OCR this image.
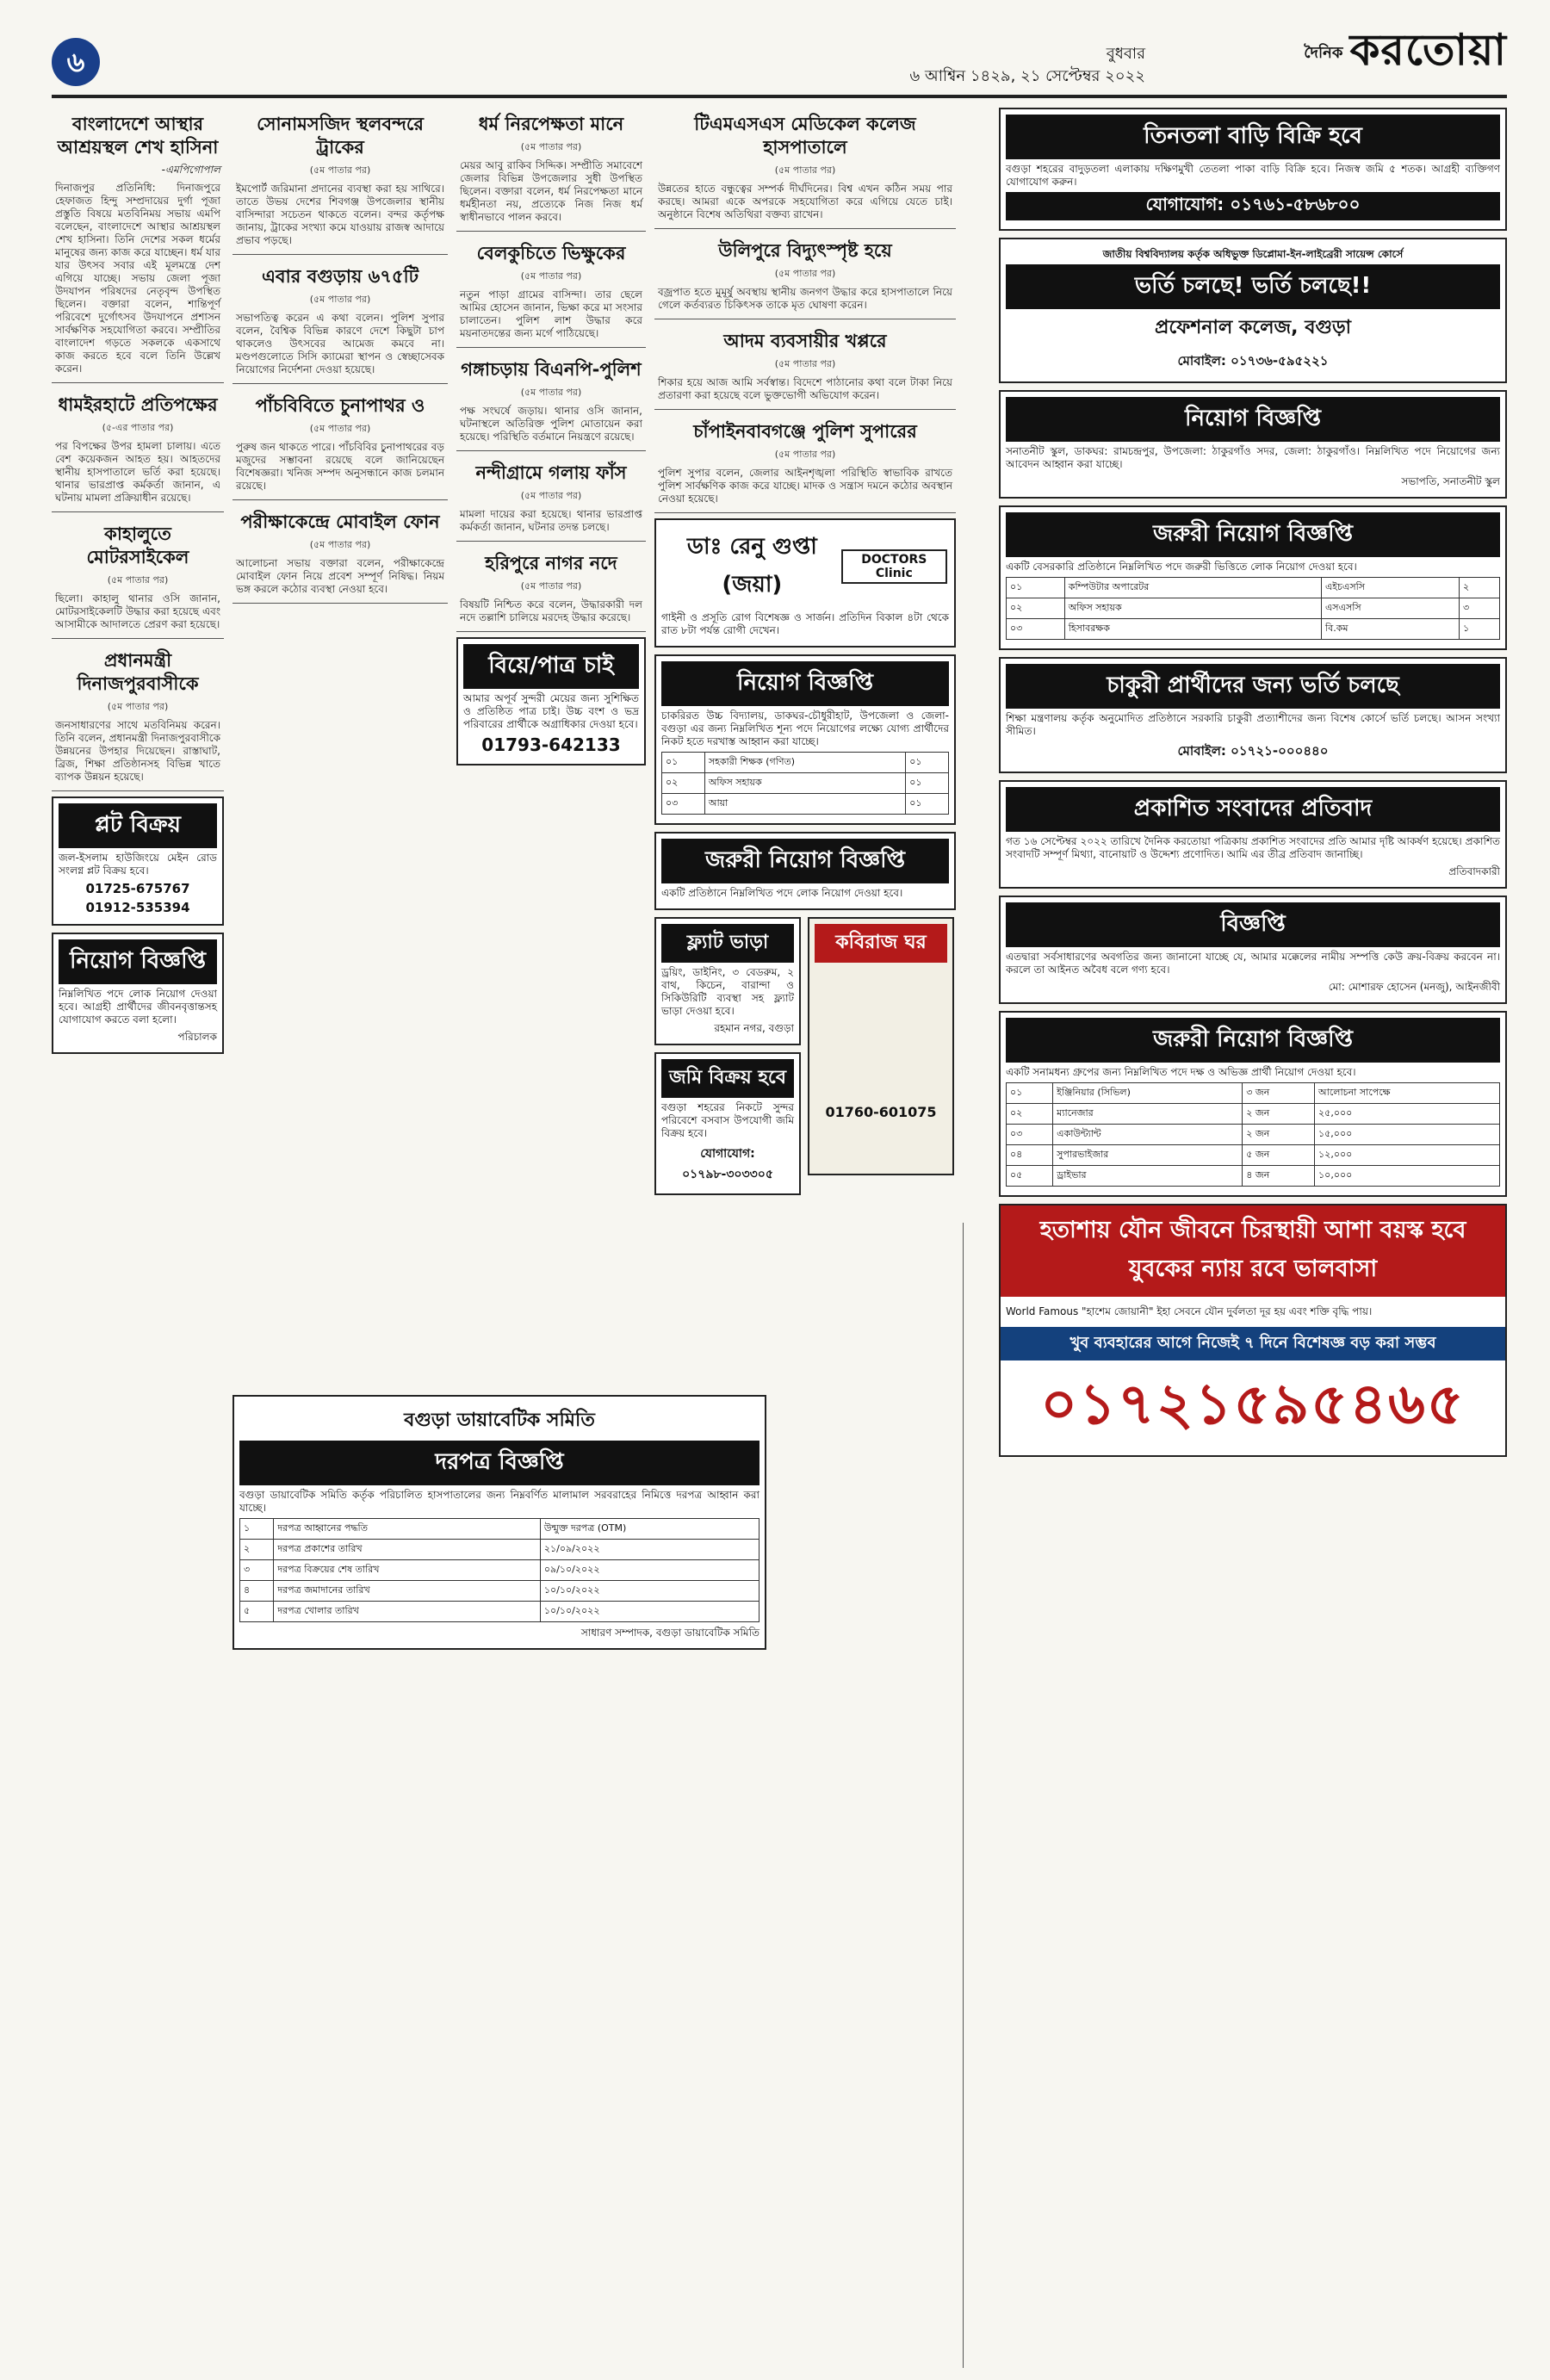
৬	বুধবার
৬ আশ্বিন ১৪২৯, ২১ সেপ্টেম্বর ২০২২
দৈনিক করতোয়া
বাংলাদেশে আস্থার আশ্রয়স্থল শেখ হাসিনা
-এমপিগোপাল

দিনাজপুর প্রতিনিধি: দিনাজপুরে হেফাজত হিন্দু সম্প্রদায়ের দুর্গা পূজা প্রস্তুতি বিষয়ে মতবিনিময় সভায় এমপি বলেছেন, বাংলাদেশে আস্থার আশ্রয়স্থল শেখ হাসিনা। তিনি দেশের সকল ধর্মের মানুষের জন্য কাজ করে যাচ্ছেন। ধর্ম যার যার উৎসব সবার এই মূলমন্ত্রে দেশ এগিয়ে যাচ্ছে। সভায় জেলা পূজা উদযাপন পরিষদের নেতৃবৃন্দ উপস্থিত ছিলেন। বক্তারা বলেন, শান্তিপূর্ণ পরিবেশে দুর্গোৎসব উদযাপনে প্রশাসন সার্বক্ষণিক সহযোগিতা করবে। সম্প্রীতির বাংলাদেশ গড়তে সকলকে একসাথে কাজ করতে হবে বলে তিনি উল্লেখ করেন।

ধামইরহাটে প্রতিপক্ষের
(৫-এর পাতার পর)

পর বিপক্ষের উপর হামলা চালায়। এতে বেশ কয়েকজন আহত হয়। আহতদের স্থানীয় হাসপাতালে ভর্তি করা হয়েছে। থানার ভারপ্রাপ্ত কর্মকর্তা জানান, এ ঘটনায় মামলা প্রক্রিয়াধীন রয়েছে।

কাহালুতে মোটরসাইকেল
(৫ম পাতার পর)

ছিলো। কাহালু থানার ওসি জানান, মোটরসাইকেলটি উদ্ধার করা হয়েছে এবং আসামীকে আদালতে প্রেরণ করা হয়েছে।

প্রধানমন্ত্রী দিনাজপুরবাসীকে
(৫ম পাতার পর)

জনসাধারণের সাথে মতবিনিময় করেন। তিনি বলেন, প্রধানমন্ত্রী দিনাজপুরবাসীকে উন্নয়নের উপহার দিয়েছেন। রাস্তাঘাট, ব্রিজ, শিক্ষা প্রতিষ্ঠানসহ বিভিন্ন খাতে ব্যাপক উন্নয়ন হয়েছে।

প্লট বিক্রয়

জল-ইসলাম হাউজিংয়ে মেইন রোড সংলগ্ন প্লট বিক্রয় হবে।

01725-675767
01912-535394
নিয়োগ বিজ্ঞপ্তি

নিম্নলিখিত পদে লোক নিয়োগ দেওয়া হবে। আগ্রহী প্রার্থীদের জীবনবৃত্তান্তসহ যোগাযোগ করতে বলা হলো।

পরিচালক
সোনামসজিদ স্থলবন্দরে ট্রাকের
(৫ম পাতার পর)

ইমপোর্ট জরিমানা প্রদানের ব্যবস্থা করা হয় সাথিরে। তাতে উভয় দেশের শিবগঞ্জ উপজেলার স্থানীয় বাসিন্দারা সচেতন থাকতে বলেন। বন্দর কর্তৃপক্ষ জানায়, ট্রাকের সংখ্যা কমে যাওয়ায় রাজস্ব আদায়ে প্রভাব পড়ছে।

এবার বগুড়ায় ৬৭৫টি
(৫ম পাতার পর)

সভাপতিত্ব করেন এ কথা বলেন। পুলিশ সুপার বলেন, বৈশ্বিক বিভিন্ন কারণে দেশে কিছুটা চাপ থাকলেও উৎসবের আমেজ কমবে না। মণ্ডপগুলোতে সিসি ক্যামেরা স্থাপন ও স্বেচ্ছাসেবক নিয়োগের নির্দেশনা দেওয়া হয়েছে।

পাঁচবিবিতে চুনাপাথর ও
(৫ম পাতার পর)

পুরুষ জন থাকতে পারে। পাঁচবিবির চুনাপাথরের বড় মজুদের সম্ভাবনা রয়েছে বলে জানিয়েছেন বিশেষজ্ঞরা। খনিজ সম্পদ অনুসন্ধানে কাজ চলমান রয়েছে।

পরীক্ষাকেন্দ্রে মোবাইল ফোন
(৫ম পাতার পর)

আলোচনা সভায় বক্তারা বলেন, পরীক্ষাকেন্দ্রে মোবাইল ফোন নিয়ে প্রবেশ সম্পূর্ণ নিষিদ্ধ। নিয়ম ভঙ্গ করলে কঠোর ব্যবস্থা নেওয়া হবে।

বগুড়া ডায়াবেটিক সমিতি
দরপত্র বিজ্ঞপ্তি

বগুড়া ডায়াবেটিক সমিতি কর্তৃক পরিচালিত হাসপাতালের জন্য নিম্নবর্ণিত মালামাল সরবরাহের নিমিত্তে দরপত্র আহ্বান করা যাচ্ছে।

১	দরপত্র আহ্বানের পদ্ধতি	উন্মুক্ত দরপত্র (OTM)
২	দরপত্র প্রকাশের তারিখ	২১/০৯/২০২২
৩	দরপত্র বিক্রয়ের শেষ তারিখ	০৯/১০/২০২২
৪	দরপত্র জমাদানের তারিখ	১০/১০/২০২২
৫	দরপত্র খোলার তারিখ	১০/১০/২০২২
সাধারণ সম্পাদক, বগুড়া ডায়াবেটিক সমিতি
ধর্ম নিরপেক্ষতা মানে
(৫ম পাতার পর)

মেয়র আবু রাকিব সিদ্দিক। সম্প্রীতি সমাবেশে জেলার বিভিন্ন উপজেলার সুধী উপস্থিত ছিলেন। বক্তারা বলেন, ধর্ম নিরপেক্ষতা মানে ধর্মহীনতা নয়, প্রত্যেকে নিজ নিজ ধর্ম স্বাধীনভাবে পালন করবে।

বেলকুচিতে ভিক্ষুকের
(৫ম পাতার পর)

নতুন পাড়া গ্রামের বাসিন্দা। তার ছেলে আমির হোসেন জানান, ভিক্ষা করে মা সংসার চালাতেন। পুলিশ লাশ উদ্ধার করে ময়নাতদন্তের জন্য মর্গে পাঠিয়েছে।

গঙ্গাচড়ায় বিএনপি-পুলিশ
(৫ম পাতার পর)

পক্ষ সংঘর্ষে জড়ায়। থানার ওসি জানান, ঘটনাস্থলে অতিরিক্ত পুলিশ মোতায়েন করা হয়েছে। পরিস্থিতি বর্তমানে নিয়ন্ত্রণে রয়েছে।

নন্দীগ্রামে গলায় ফাঁস
(৫ম পাতার পর)

মামলা দায়ের করা হয়েছে। থানার ভারপ্রাপ্ত কর্মকর্তা জানান, ঘটনার তদন্ত চলছে।

হরিপুরে নাগর নদে
(৫ম পাতার পর)

বিষয়টি নিশ্চিত করে বলেন, উদ্ধারকারী দল নদে তল্লাশি চালিয়ে মরদেহ উদ্ধার করেছে।

বিয়ে/পাত্র চাই

আমার অপূর্ব সুন্দরী মেয়ের জন্য সুশিক্ষিত ও প্রতিষ্ঠিত পাত্র চাই। উচ্চ বংশ ও ভদ্র পরিবারের প্রার্থীকে অগ্রাধিকার দেওয়া হবে।

01793-642133
টিএমএসএস মেডিকেল কলেজ হাসপাতালে
(৫ম পাতার পর)

উন্নতের হাতে বন্ধুত্বের সম্পর্ক দীর্ঘদিনের। বিশ্ব এখন কঠিন সময় পার করছে। আমরা একে অপরকে সহযোগিতা করে এগিয়ে যেতে চাই। অনুষ্ঠানে বিশেষ অতিথিরা বক্তব্য রাখেন।

উলিপুরে বিদ্যুৎস্পৃষ্ট হয়ে
(৫ম পাতার পর)

বজ্রপাত হতে মুমূর্ষু অবস্থায় স্থানীয় জনগণ উদ্ধার করে হাসপাতালে নিয়ে গেলে কর্তব্যরত চিকিৎসক তাকে মৃত ঘোষণা করেন।

আদম ব্যবসায়ীর খপ্পরে
(৫ম পাতার পর)

শিকার হয়ে আজ আমি সর্বস্বান্ত। বিদেশে পাঠানোর কথা বলে টাকা নিয়ে প্রতারণা করা হয়েছে বলে ভুক্তভোগী অভিযোগ করেন।

চাঁপাইনবাবগঞ্জে পুলিশ সুপারের
(৫ম পাতার পর)

পুলিশ সুপার বলেন, জেলার আইনশৃঙ্খলা পরিস্থিতি স্বাভাবিক রাখতে পুলিশ সার্বক্ষণিক কাজ করে যাচ্ছে। মাদক ও সন্ত্রাস দমনে কঠোর অবস্থান নেওয়া হয়েছে।

ডাঃ রেনু গুপ্তা (জয়া)
DOCTORS Clinic

গাইনী ও প্রসূতি রোগ বিশেষজ্ঞ ও সার্জন। প্রতিদিন বিকাল ৪টা থেকে রাত ৮টা পর্যন্ত রোগী দেখেন।

নিয়োগ বিজ্ঞপ্তি

চাকরিরত উচ্চ বিদ্যালয়, ডাকঘর-চৌধুরীহাট, উপজেলা ও জেলা-বগুড়া এর জন্য নিম্নলিখিত শূন্য পদে নিয়োগের লক্ষ্যে যোগ্য প্রার্থীদের নিকট হতে দরখাস্ত আহ্বান করা যাচ্ছে।

০১	সহকারী শিক্ষক (গণিত)	০১
০২	অফিস সহায়ক	০১
০৩	আয়া	০১
জরুরী নিয়োগ বিজ্ঞপ্তি

একটি প্রতিষ্ঠানে নিম্নলিখিত পদে লোক নিয়োগ দেওয়া হবে।

ফ্ল্যাট ভাড়া

ড্রয়িং, ডাইনিং, ৩ বেডরুম, ২ বাথ, কিচেন, বারান্দা ও সিকিউরিটি ব্যবস্থা সহ ফ্ল্যাট ভাড়া দেওয়া হবে।

রহমান নগর, বগুড়া
জমি বিক্রয় হবে

বগুড়া শহরের নিকটে সুন্দর পরিবেশে বসবাস উপযোগী জমি বিক্রয় হবে।

যোগাযোগ: ০১৭৯৮-৩০৩৩০৫
কবিরাজ ঘর
01760-601075
তিনতলা বাড়ি বিক্রি হবে

বগুড়া শহরের বাদুড়তলা এলাকায় দক্ষিণমুখী তেতলা পাকা বাড়ি বিক্রি হবে। নিজস্ব জমি ৫ শতক। আগ্রহী ব্যক্তিগণ যোগাযোগ করুন।

যোগাযোগ: ০১৭৬১-৫৮৬৮০০

জাতীয় বিশ্ববিদ্যালয় কর্তৃক অধিভুক্ত ডিপ্লোমা-ইন-লাইব্রেরী সায়েন্স কোর্সে

ভর্তি চলছে! ভর্তি চলছে!!
প্রফেশনাল কলেজ, বগুড়া
মোবাইল: ০১৭৩৬-৫৯৫২২১
নিয়োগ বিজ্ঞপ্তি

সনাতনীট স্কুল, ডাকঘর: রামচন্দ্রপুর, উপজেলা: ঠাকুরগাঁও সদর, জেলা: ঠাকুরগাঁও। নিম্নলিখিত পদে নিয়োগের জন্য আবেদন আহ্বান করা যাচ্ছে।

সভাপতি, সনাতনীট স্কুল
জরুরী নিয়োগ বিজ্ঞপ্তি

একটি বেসরকারি প্রতিষ্ঠানে নিম্নলিখিত পদে জরুরী ভিত্তিতে লোক নিয়োগ দেওয়া হবে।

০১	কম্পিউটার অপারেটর	এইচএসসি	২
০২	অফিস সহায়ক	এসএসসি	৩
০৩	হিসাবরক্ষক	বি.কম	১
চাকুরী প্রার্থীদের জন্য ভর্তি চলছে

শিক্ষা মন্ত্রণালয় কর্তৃক অনুমোদিত প্রতিষ্ঠানে সরকারি চাকুরী প্রত্যাশীদের জন্য বিশেষ কোর্সে ভর্তি চলছে। আসন সংখ্যা সীমিত।

মোবাইল: ০১৭২১-০০০৪৪০
প্রকাশিত সংবাদের প্রতিবাদ

গত ১৬ সেপ্টেম্বর ২০২২ তারিখে দৈনিক করতোয়া পত্রিকায় প্রকাশিত সংবাদের প্রতি আমার দৃষ্টি আকর্ষণ হয়েছে। প্রকাশিত সংবাদটি সম্পূর্ণ মিথ্যা, বানোয়াট ও উদ্দেশ্য প্রণোদিত। আমি এর তীব্র প্রতিবাদ জানাচ্ছি।

প্রতিবাদকারী
বিজ্ঞপ্তি

এতদ্বারা সর্বসাধারণের অবগতির জন্য জানানো যাচ্ছে যে, আমার মক্কেলের নামীয় সম্পত্তি কেউ ক্রয়-বিক্রয় করবেন না। করলে তা আইনত অবৈধ বলে গণ্য হবে।

মো: মোশারফ হোসেন (মনজু), আইনজীবী
জরুরী নিয়োগ বিজ্ঞপ্তি

একটি সনামধন্য গ্রুপের জন্য নিম্নলিখিত পদে দক্ষ ও অভিজ্ঞ প্রার্থী নিয়োগ দেওয়া হবে।

০১	ইঞ্জিনিয়ার (সিভিল)	৩ জন	আলোচনা সাপেক্ষে
০২	ম্যানেজার	২ জন	২৫,০০০
০৩	একাউন্ট্যান্ট	২ জন	১৫,০০০
০৪	সুপারভাইজার	৫ জন	১২,০০০
০৫	ড্রাইভার	৪ জন	১০,০০০
হতাশায় যৌন জীবনে চিরস্থায়ী আশা বয়স্ক হবে যুবকের ন্যায় রবে ভালবাসা

World Famous "হাশেম জোয়ানী" ইহা সেবনে যৌন দুর্বলতা দূর হয় এবং শক্তি বৃদ্ধি পায়।

খুব ব্যবহারের আগে নিজেই ৭ দিনে বিশেষজ্ঞ বড় করা সম্ভব
০১৭২১৫৯৫৪৬৫
